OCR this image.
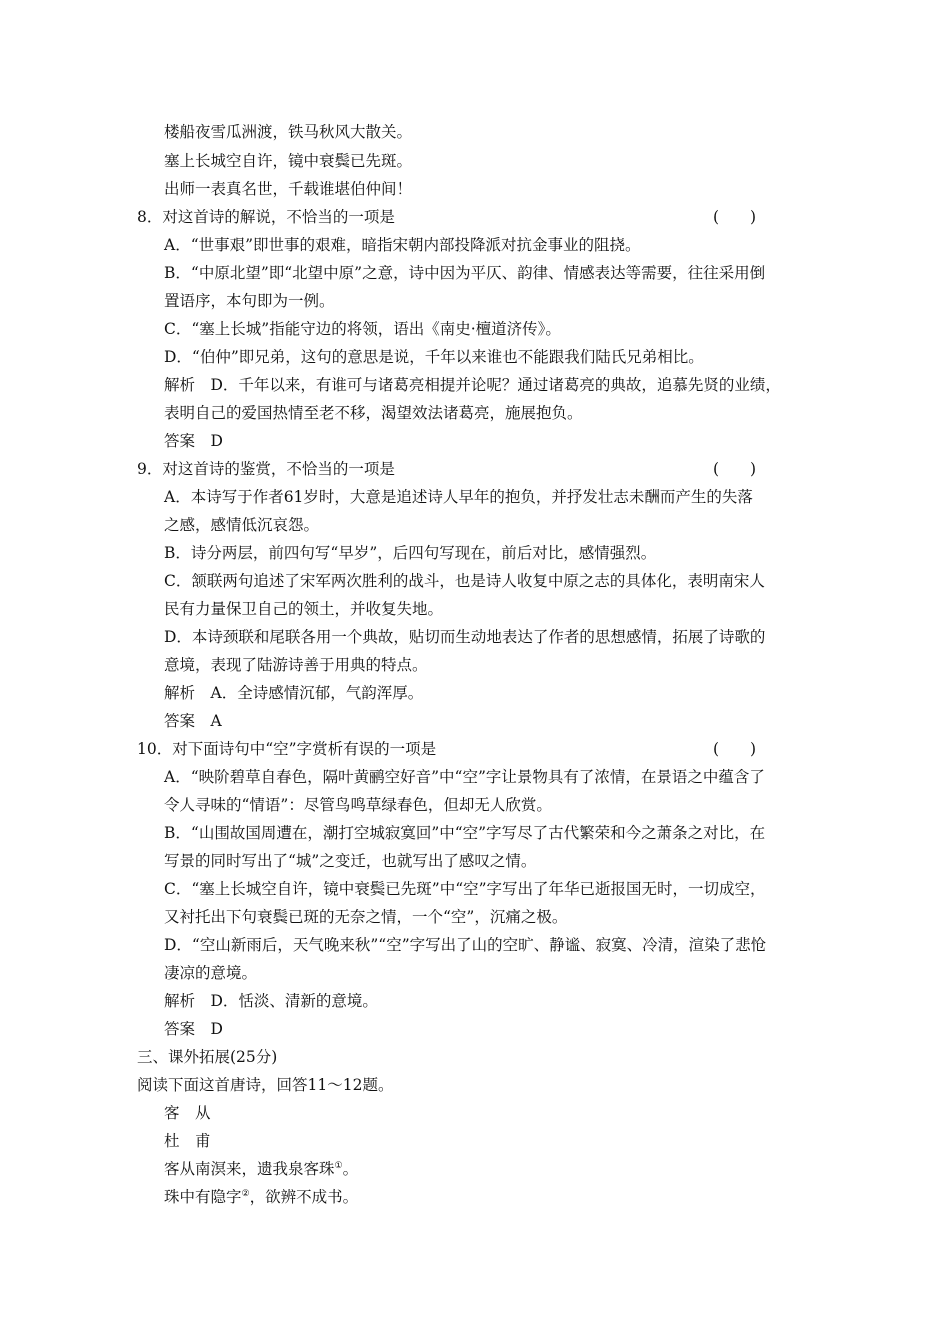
楼船夜雪瓜洲渡，铁马秋风大散关。
塞上长城空自许，镜中衰鬓已先斑。
出师一表真名世，千载谁堪伯仲间！
8．对这首诗的解说，不恰当的一项是	(　　)
A．“世事艰”即世事的艰难，暗指宋朝内部投降派对抗金事业的阻挠。
B．“中原北望”即“北望中原”之意，诗中因为平仄、韵律、情感表达等需要，往往采用倒
置语序，本句即为一例。
C．“塞上长城”指能守边的将领，语出《南史·檀道济传》。
D．“伯仲”即兄弟，这句的意思是说，千年以来谁也不能跟我们陆氏兄弟相比。
解析　D．千年以来，有谁可与诸葛亮相提并论呢？通过诸葛亮的典故，追慕先贤的业绩，
表明自己的爱国热情至老不移，渴望效法诸葛亮，施展抱负。
答案　D
9．对这首诗的鉴赏，不恰当的一项是	(　　)
A．本诗写于作者61岁时，大意是追述诗人早年的抱负，并抒发壮志未酬而产生的失落
之感，感情低沉哀怨。
B．诗分两层，前四句写“早岁”，后四句写现在，前后对比，感情强烈。
C．颔联两句追述了宋军两次胜利的战斗，也是诗人收复中原之志的具体化，表明南宋人
民有力量保卫自己的领土，并收复失地。
D．本诗颈联和尾联各用一个典故，贴切而生动地表达了作者的思想感情，拓展了诗歌的
意境，表现了陆游诗善于用典的特点。
解析　A．全诗感情沉郁，气韵浑厚。
答案　A
10．对下面诗句中“空”字赏析有误的一项是	(　　)
A．“映阶碧草自春色，隔叶黄鹂空好音”中“空”字让景物具有了浓情，在景语之中蕴含了
令人寻味的“情语”：尽管鸟鸣草绿春色，但却无人欣赏。
B．“山围故国周遭在，潮打空城寂寞回”中“空”字写尽了古代繁荣和今之萧条之对比，在
写景的同时写出了“城”之变迁，也就写出了感叹之情。
C．“塞上长城空自许，镜中衰鬓已先斑”中“空”字写出了年华已逝报国无时，一切成空，
又衬托出下句衰鬓已斑的无奈之情，一个“空”，沉痛之极。
D．“空山新雨后，天气晚来秋”“空”字写出了山的空旷、静谧、寂寞、冷清，渲染了悲怆
凄凉的意境。
解析　D．恬淡、清新的意境。
答案　D
三、课外拓展(25分)
阅读下面这首唐诗，回答11～12题。
客　从
杜　甫
客从南溟来，遗我泉客珠①。
珠中有隐字②，欲辨不成书。
